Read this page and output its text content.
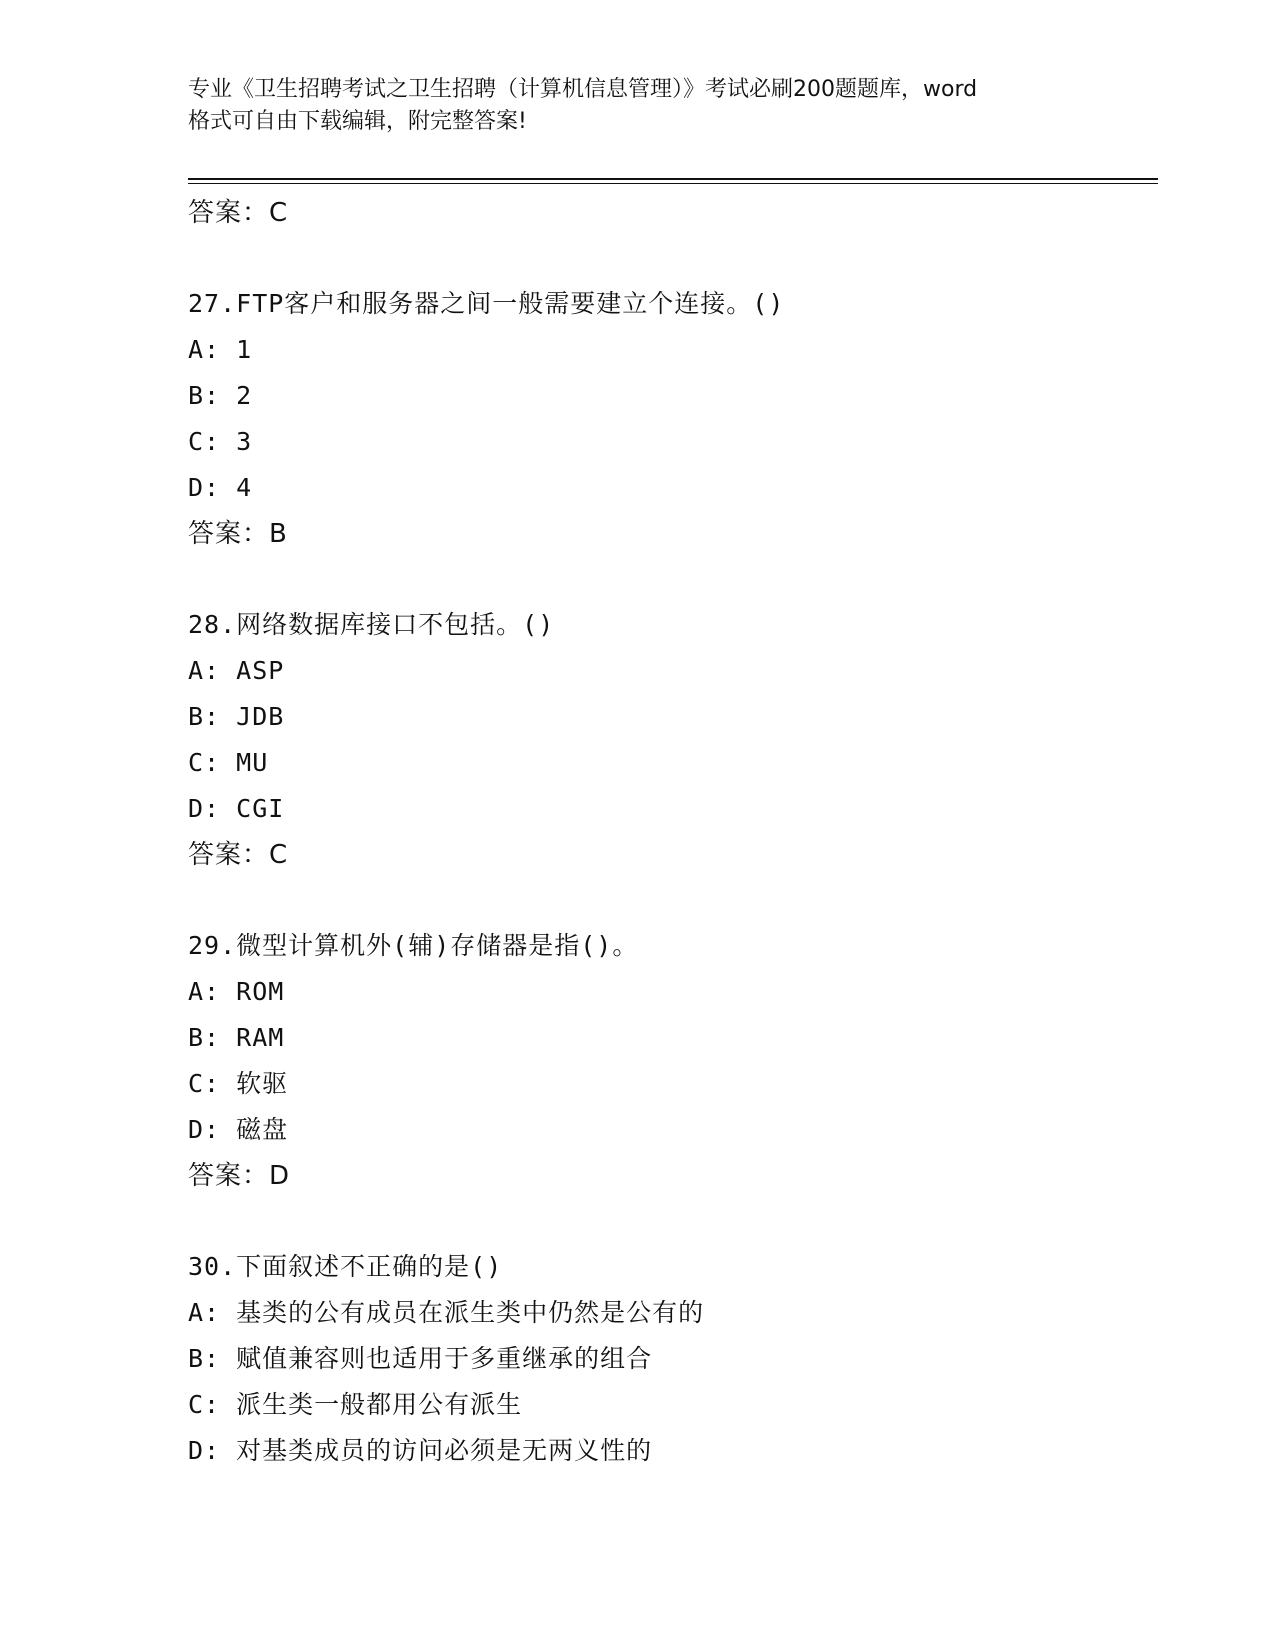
专业《卫生招聘考试之卫生招聘（计算机信息管理）》考试必刷200题题库，word
格式可自由下载编辑，附完整答案!
答案：C
27.FTP客户和服务器之间一般需要建立个连接。()
A: 1
B: 2
C: 3
D: 4
答案：B
28.网络数据库接口不包括。()
A: ASP
B: JDB
C: MU
D: CGI
答案：C
29.微型计算机外(辅)存储器是指()。
A: ROM
B: RAM
C: 软驱
D: 磁盘
答案：D
30.下面叙述不正确的是()
A: 基类的公有成员在派生类中仍然是公有的
B: 赋值兼容则也适用于多重继承的组合
C: 派生类一般都用公有派生
D: 对基类成员的访问必须是无两义性的
